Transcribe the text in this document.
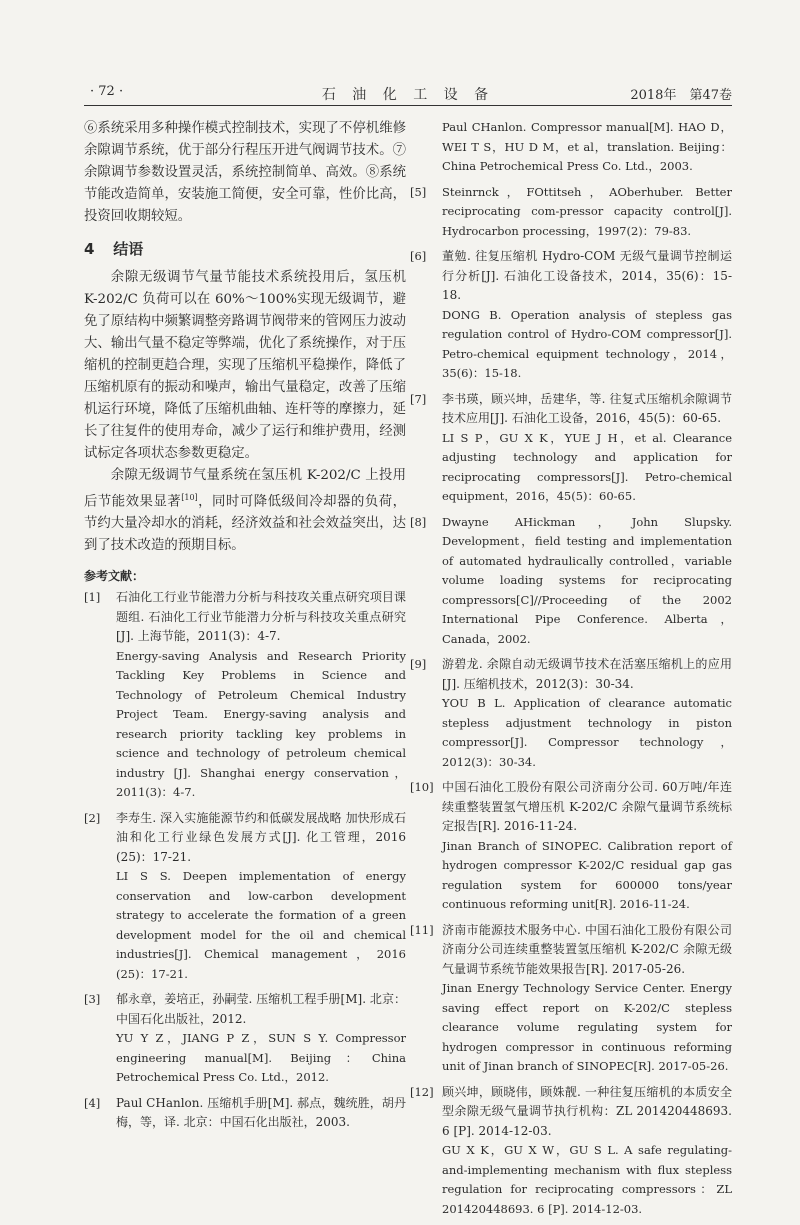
· 72 ·	石 油 化 工 设 备	2018年　第47卷

⑥系统采用多种操作模式控制技术，实现了不停机维修余隙调节系统，优于部分行程压开进气阀调节技术。⑦余隙调节参数设置灵活，系统控制简单、高效。⑧系统节能改造简单，安装施工简便，安全可靠，性价比高，投资回收期较短。

4 结语

余隙无级调节气量节能技术系统投用后，氢压机 K-202/C 负荷可以在 60%～100%实现无级调节，避免了原结构中频繁调整旁路调节阀带来的管网压力波动大、输出气量不稳定等弊端，优化了系统操作，对于压缩机的控制更趋合理，实现了压缩机平稳操作，降低了压缩机原有的振动和噪声，输出气量稳定，改善了压缩机运行环境，降低了压缩机曲轴、连杆等的摩擦力，延长了往复件的使用寿命，减少了运行和维护费用，经测试标定各项状态参数更稳定。

余隙无级调节气量系统在氢压机 K-202/C 上投用后节能效果显著[10]，同时可降低级间冷却器的负荷，节约大量冷却水的消耗，经济效益和社会效益突出，达到了技术改造的预期目标。

参考文献：
[1] 石油化工行业节能潜力分析与科技攻关重点研究项目课题组. 石油化工行业节能潜力分析与科技攻关重点研究[J]. 上海节能，2011(3)：4-7.
Energy-saving Analysis and Research Priority Tackling Key Problems in Science and Technology of Petroleum Chemical Industry Project Team. Energy-saving analysis and research priority tackling key problems in science and technology of petroleum chemical industry [J]. Shanghai energy conservation，2011(3)：4-7.
[2] 李寿生. 深入实施能源节约和低碳发展战略 加快形成石油和化工行业绿色发展方式[J]. 化工管理，2016 (25)：17-21.
LI S S. Deepen implementation of energy conservation and low-carbon development strategy to accelerate the formation of a green development model for the oil and chemical industries[J]. Chemical management，2016 (25)：17-21.
[3] 郁永章，姜培正，孙嗣莹. 压缩机工程手册[M]. 北京：中国石化出版社，2012.
YU Y Z，JIANG P Z，SUN S Y. Compressor engineering manual[M]. Beijing：China Petrochemical Press Co. Ltd.，2012.
[4] Paul CHanlon. 压缩机手册[M]. 郝点，魏统胜，胡丹梅，等，译. 北京：中国石化出版社，2003.
Paul CHanlon. Compressor manual[M]. HAO D，WEI T S，HU D M，et al，translation. Beijing：China Petrochemical Press Co. Ltd.，2003.
[5] Steinrnck，FOttitseh，AOberhuber. Better reciprocating com-pressor capacity control[J]. Hydrocarbon processing，1997(2)：79-83.
[6] 董勉. 往复压缩机 Hydro-COM 无级气量调节控制运行分析[J]. 石油化工设备技术，2014，35(6)：15-18.
DONG B. Operation analysis of stepless gas regulation control of Hydro-COM compressor[J]. Petro-chemical equipment technology，2014，35(6)：15-18.
[7] 李书瑛，顾兴坤，岳建华，等. 往复式压缩机余隙调节技术应用[J]. 石油化工设备，2016，45(5)：60-65.
LI S P，GU X K，YUE J H，et al. Clearance adjusting technology and application for reciprocating compressors[J]. Petro-chemical equipment，2016，45(5)：60-65.
[8] Dwayne AHickman，John Slupsky. Development，field testing and implementation of automated hydraulically controlled，variable volume loading systems for reciprocating compressors[C]//Proceeding of the 2002 International Pipe Conference. Alberta，Canada，2002.
[9] 游碧龙. 余隙自动无级调节技术在活塞压缩机上的应用[J]. 压缩机技术，2012(3)：30-34.
YOU B L. Application of clearance automatic stepless adjustment technology in piston compressor[J]. Compressor technology，2012(3)：30-34.
[10] 中国石油化工股份有限公司济南分公司. 60万吨/年连续重整装置氢气增压机 K-202/C 余隙气量调节系统标定报告[R]. 2016-11-24.
Jinan Branch of SINOPEC. Calibration report of hydrogen compressor K-202/C residual gap gas regulation system for 600000 tons/year continuous reforming unit[R]. 2016-11-24.
[11] 济南市能源技术服务中心. 中国石油化工股份有限公司济南分公司连续重整装置氢压缩机 K-202/C 余隙无级气量调节系统节能效果报告[R]. 2017-05-26.
Jinan Energy Technology Service Center. Energy saving effect report on K-202/C stepless clearance volume regulating system for hydrogen compressor in continuous reforming unit of Jinan branch of SINOPEC[R]. 2017-05-26.
[12] 顾兴坤，顾晓伟，顾姝靓. 一种往复压缩机的本质安全型余隙无级气量调节执行机构：ZL 201420448693. 6 [P]. 2014-12-03.
GU X K，GU X W，GU S L. A safe regulating-and-implementing mechanism with flux stepless regulation for reciprocating compressors：ZL 201420448693. 6 [P]. 2014-12-03.
